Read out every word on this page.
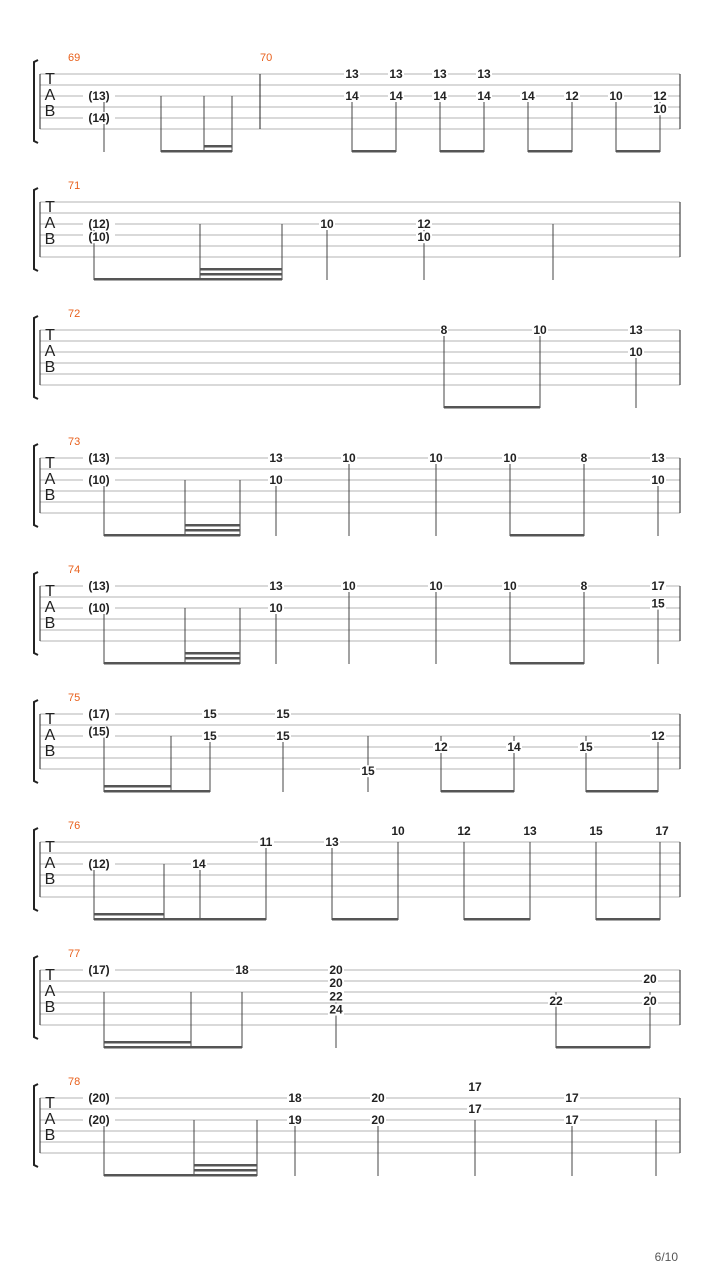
T
A
B
69	70
(13)
(14)
13
14
13
14
13
14
13
14	14	12	10	12
10
T
A
B
71
(12)
(10)
10	12
10
T
A
B
72
8	10	13
10
T
A
B
73
(13)
(10)
13
10
10	10	10	8	13
10
T
A
B
74
(13)
(10)
13
10
10	10	10	8	17
15
T
A
B
75
(17)
(15)
15
15
15
15
15
12	14	15
12
T
A
B
76
(12)	14
11	13
10	12	13	15	17
T
A
B
77
(17)	18	20
20
22
24
22
20
20
T
A
B
78
(20)
(20)
18
19
20
20
17
17
17
17
6/10
